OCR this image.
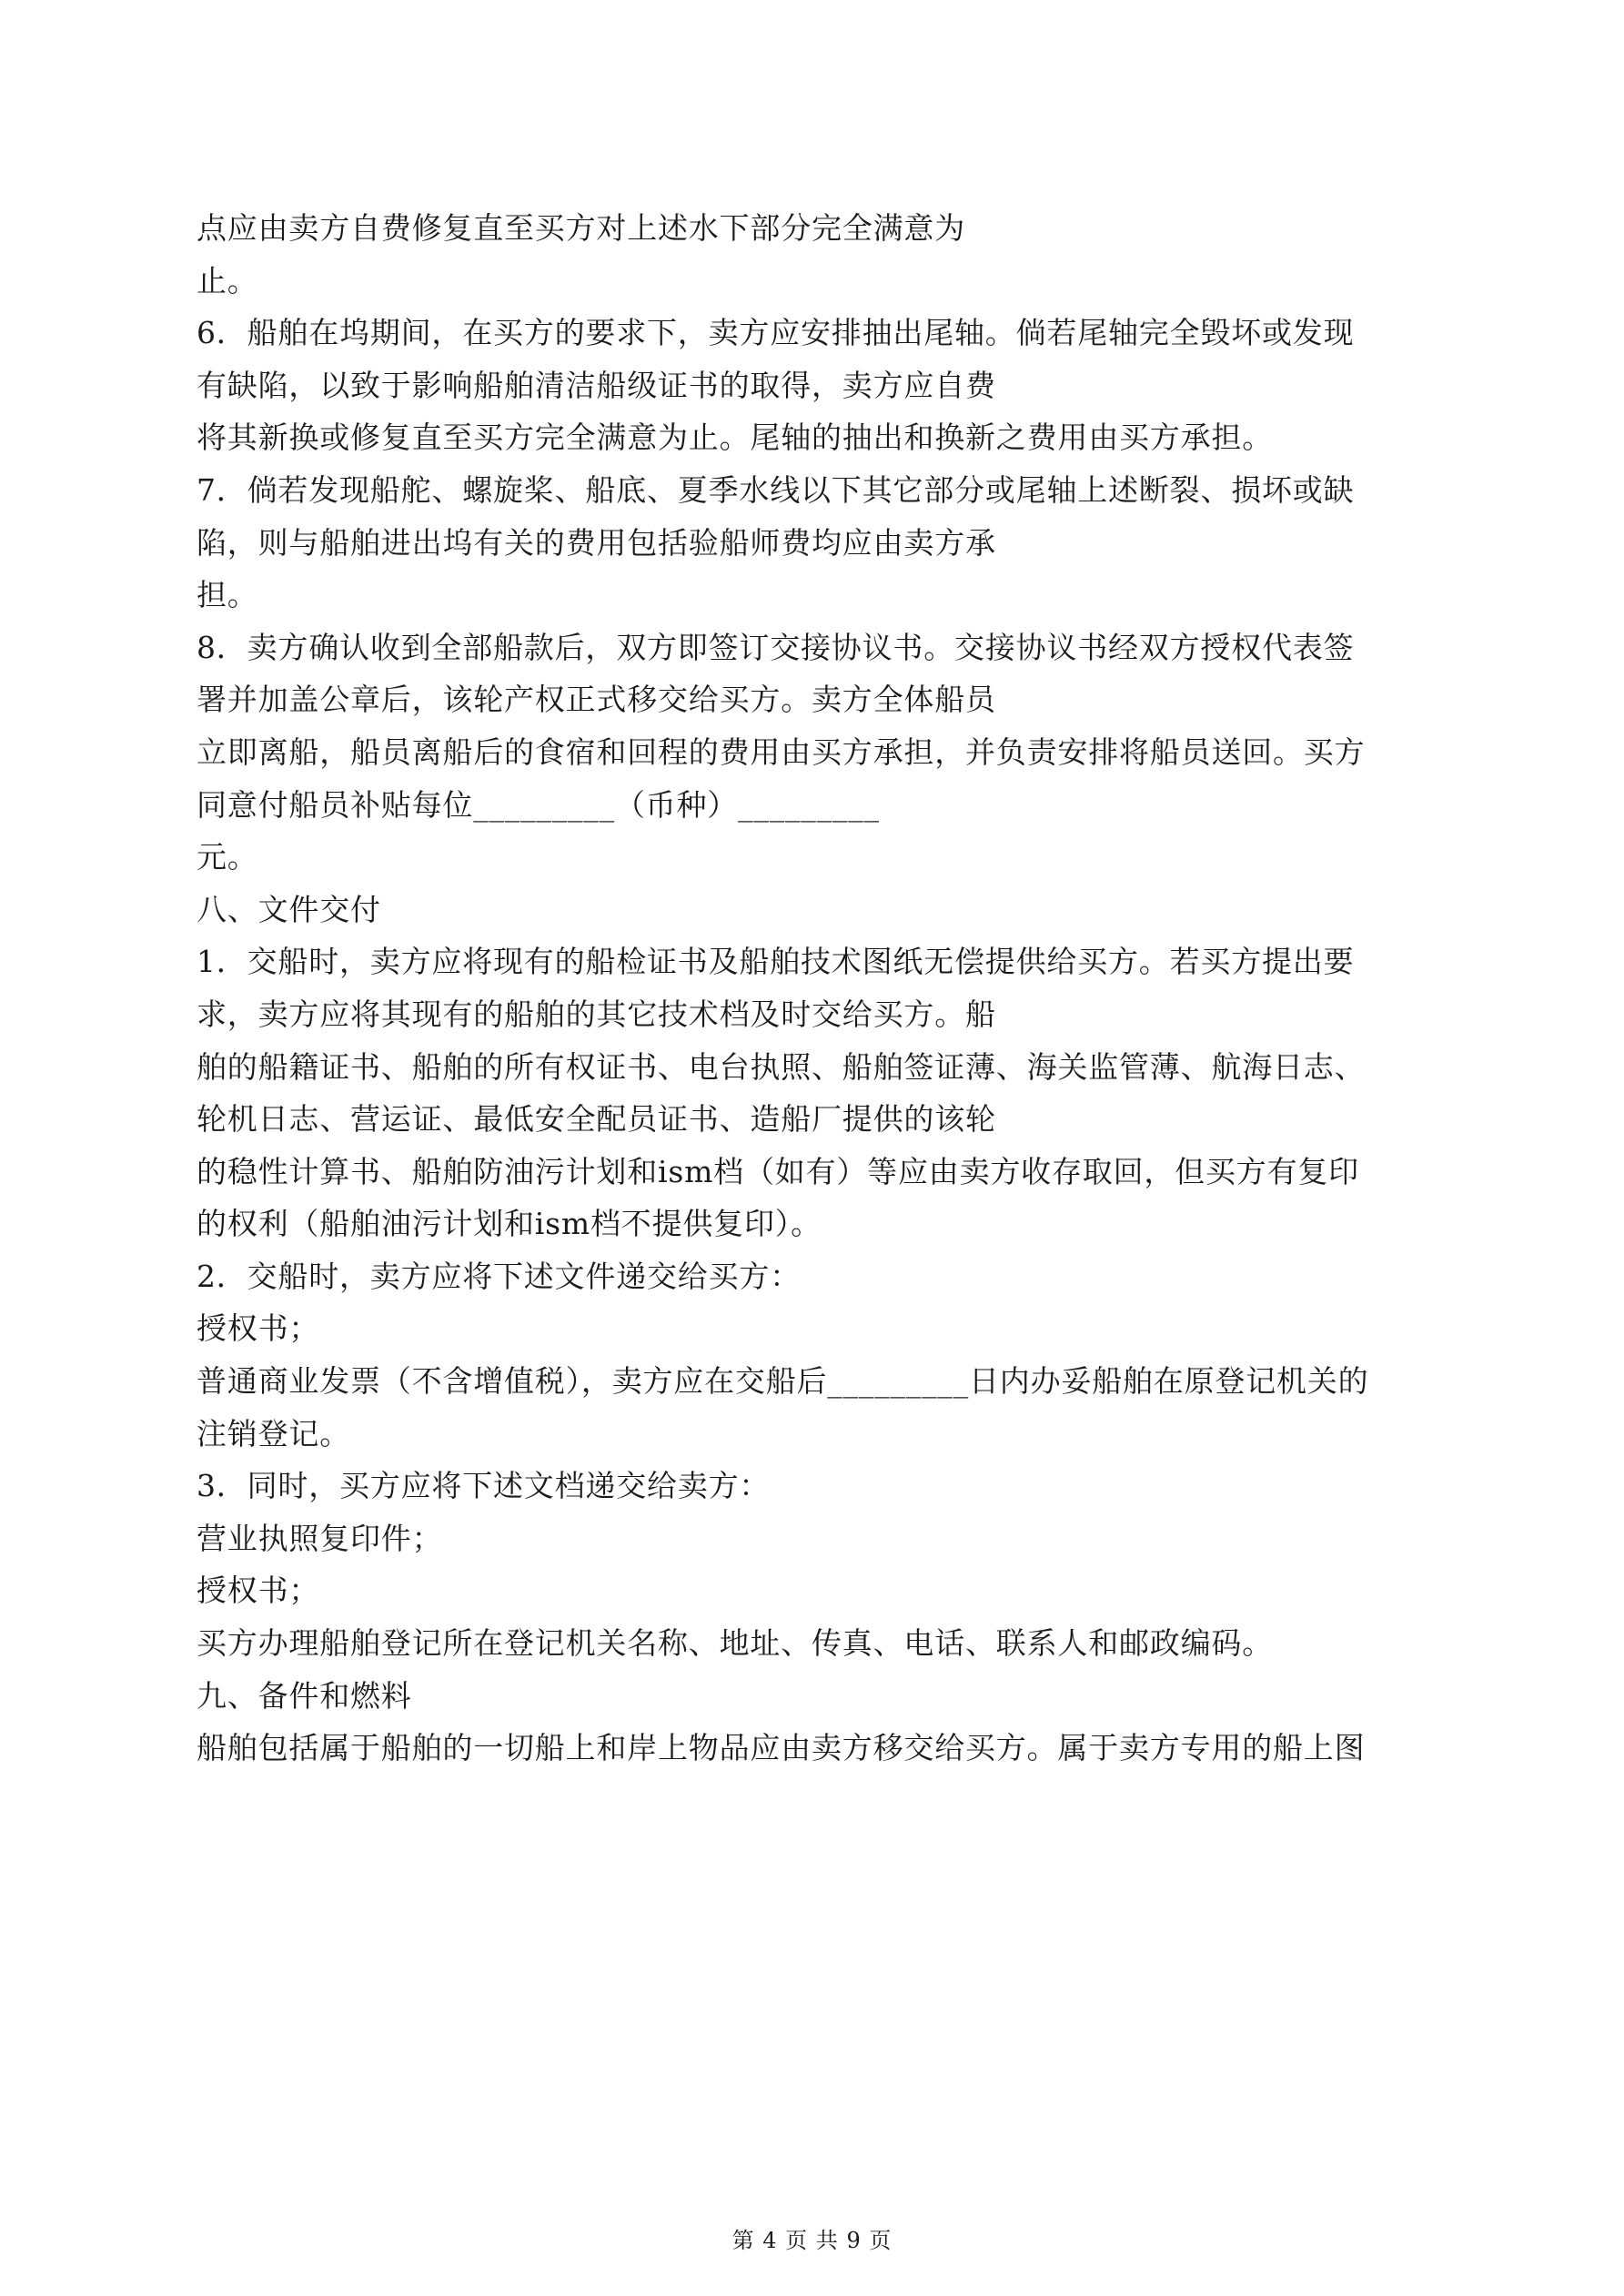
点应由卖方自费修复直至买方对上述水下部分完全满意为
止。
6．船舶在坞期间，在买方的要求下，卖方应安排抽出尾轴。倘若尾轴完全毁坏或发现
有缺陷，以致于影响船舶清洁船级证书的取得，卖方应自费
将其新换或修复直至买方完全满意为止。尾轴的抽出和换新之费用由买方承担。
7．倘若发现船舵、螺旋桨、船底、夏季水线以下其它部分或尾轴上述断裂、损坏或缺
陷，则与船舶进出坞有关的费用包括验船师费均应由卖方承
担。
8．卖方确认收到全部船款后，双方即签订交接协议书。交接协议书经双方授权代表签
署并加盖公章后，该轮产权正式移交给买方。卖方全体船员
立即离船，船员离船后的食宿和回程的费用由买方承担，并负责安排将船员送回。买方
同意付船员补贴每位_________（币种）_________
元。
八、文件交付
1．交船时，卖方应将现有的船检证书及船舶技术图纸无偿提供给买方。若买方提出要
求，卖方应将其现有的船舶的其它技术档及时交给买方。船
舶的船籍证书、船舶的所有权证书、电台执照、船舶签证薄、海关监管薄、航海日志、
轮机日志、营运证、最低安全配员证书、造船厂提供的该轮
的稳性计算书、船舶防油污计划和ism档（如有）等应由卖方收存取回，但买方有复印
的权利（船舶油污计划和ism档不提供复印）。
2．交船时，卖方应将下述文件递交给买方：
授权书；
普通商业发票（不含增值税），卖方应在交船后_________日内办妥船舶在原登记机关的
注销登记。
3．同时，买方应将下述文档递交给卖方：
营业执照复印件；
授权书；
买方办理船舶登记所在登记机关名称、地址、传真、电话、联系人和邮政编码。
九、备件和燃料
船舶包括属于船舶的一切船上和岸上物品应由卖方移交给买方。属于卖方专用的船上图
第 4 页 共 9 页
